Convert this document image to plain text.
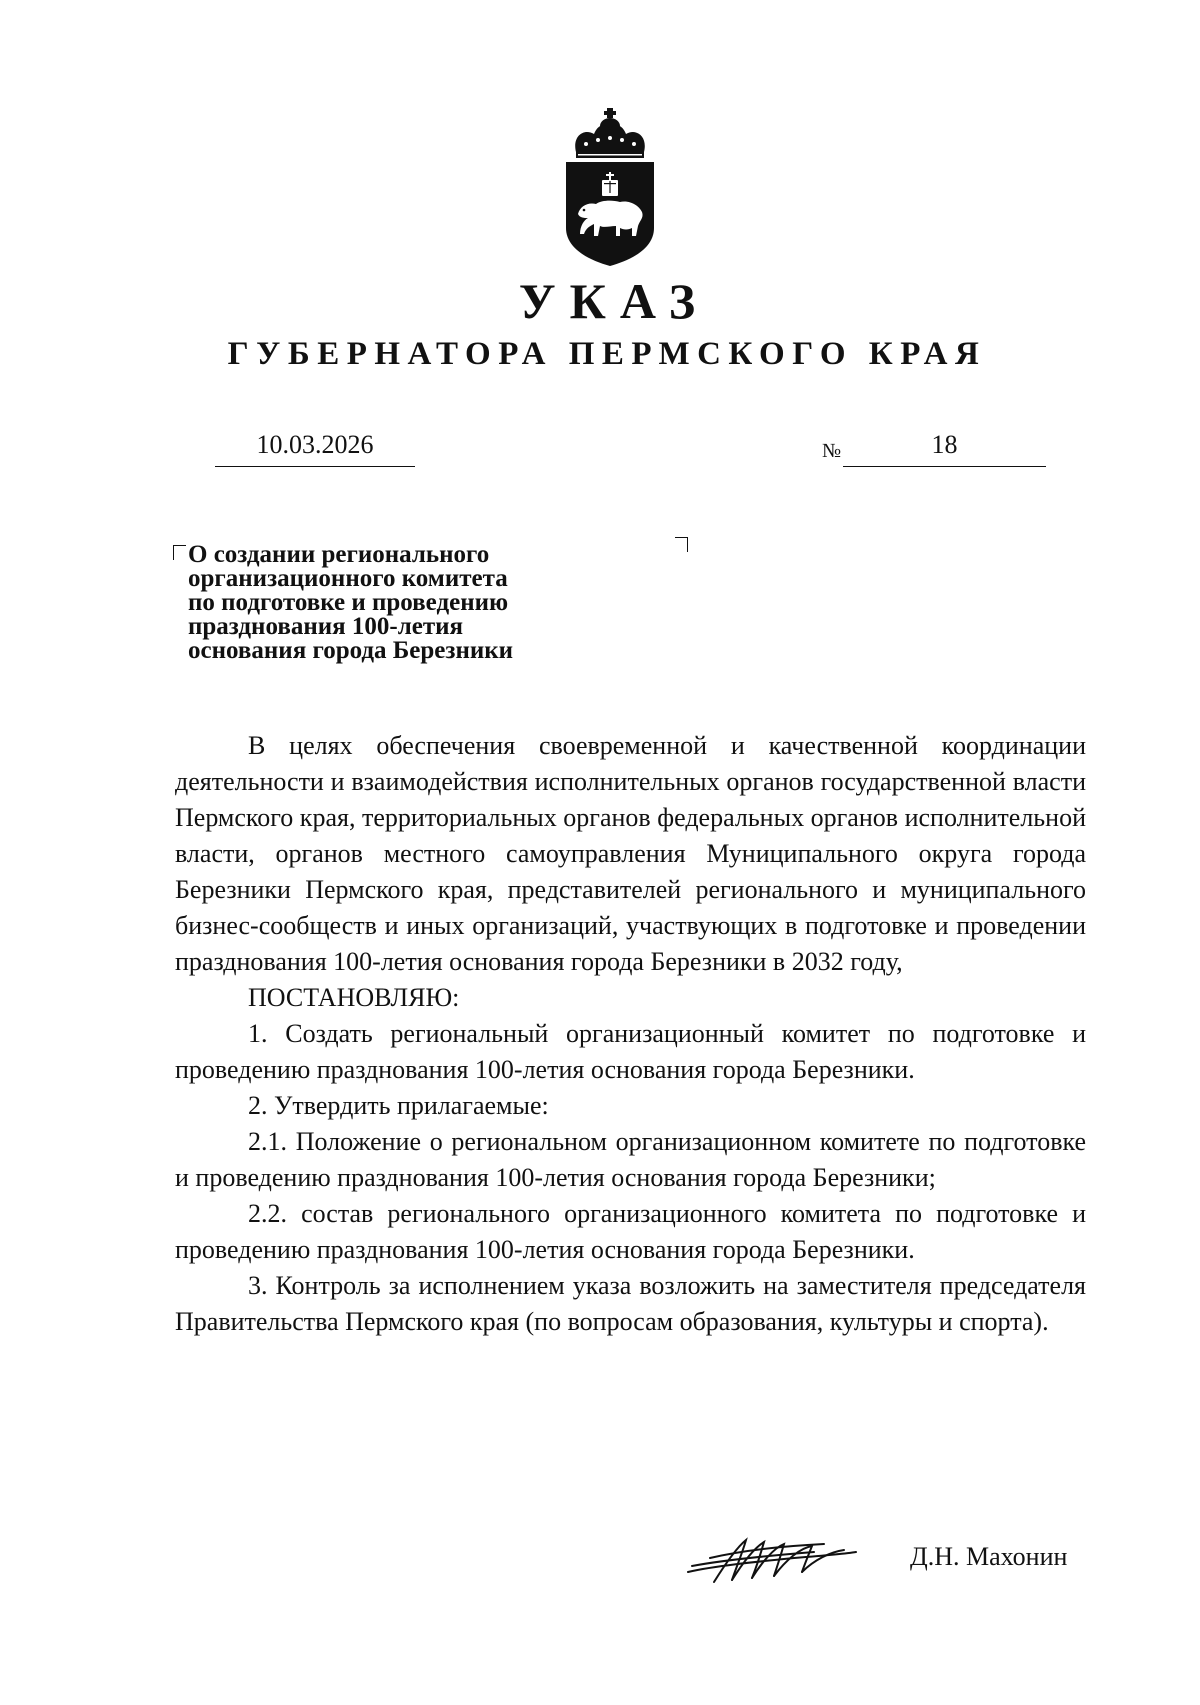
УКАЗ
ГУБЕРНАТОРА ПЕРМСКОГО КРАЯ
10.03.2026	№	18
О создании регионального
организационного комитета
по подготовке и проведению
празднования 100-летия
основания города Березники

В целях обеспечения своевременной и качественной координации деятельности и взаимодействия исполнительных органов государственной власти Пермского края, территориальных органов федеральных органов исполнительной власти, органов местного самоуправления Муниципального округа города Березники Пермского края, представителей регионального и муниципального бизнес-сообществ и иных организаций, участвующих в подготовке и проведении празднования 100-летия основания города Березники в 2032 году,

ПОСТАНОВЛЯЮ:

1. Создать региональный организационный комитет по подготовке и проведению празднования 100-летия основания города Березники.

2. Утвердить прилагаемые:

2.1. Положение о региональном организационном комитете по подготовке и проведению празднования 100-летия основания города Березники;

2.2. состав регионального организационного комитета по подготовке и проведению празднования 100-летия основания города Березники.

3. Контроль за исполнением указа возложить на заместителя председателя Правительства Пермского края (по вопросам образования, культуры и спорта).

Д.Н. Махонин
